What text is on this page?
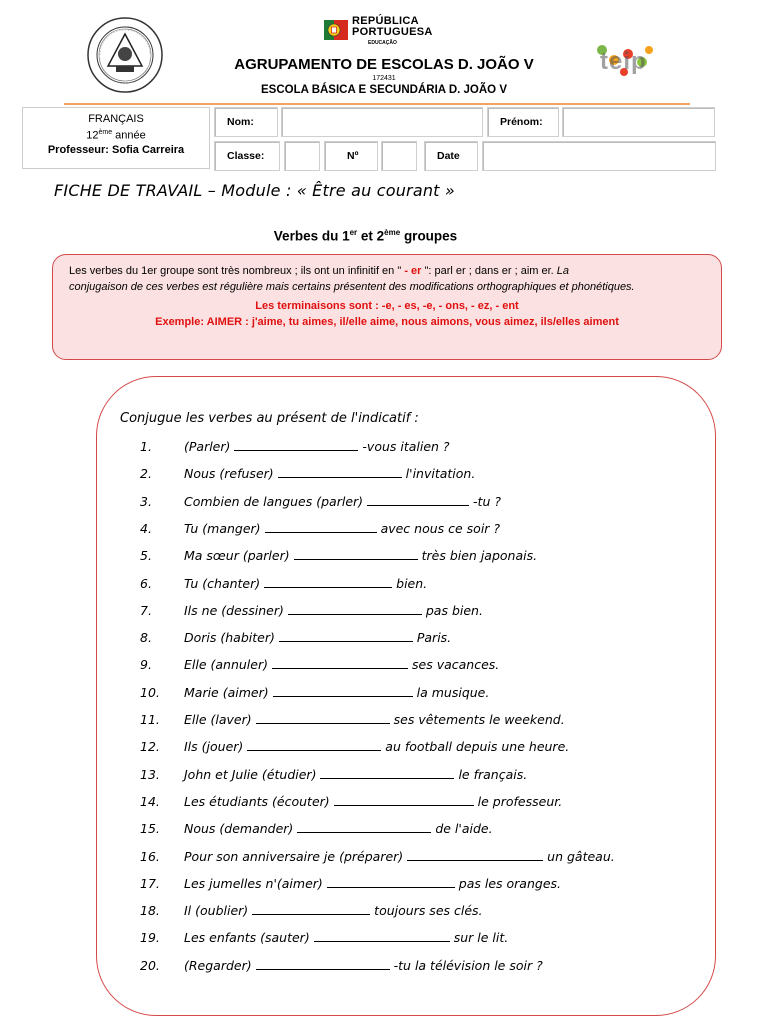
REPÚBLICA
PORTUGUESA
EDUCAÇÃO
teip
AGRUPAMENTO DE ESCOLAS D. JOÃO V
172431
ESCOLA BÁSICA E SECUNDÁRIA D. JOÃO V
FRANÇAIS
12ème année
Professeur: Sofia Carreira
Nom:	Prénom:
Classe:	Nº	Date
FICHE DE TRAVAIL – Module : « Être au courant »
Verbes du 1er et 2ème groupes
Les verbes du 1er groupe sont très nombreux ; ils ont un infinitif en " - er ": parl er ; dans er ; aim er. La
conjugaison de ces verbes est régulière mais certains présentent des modifications orthographiques et phonétiques.
Les terminaisons sont : -e, - es, -e, - ons, - ez, - ent
Exemple: AIMER : j'aime, tu aimes, il/elle aime, nous aimons, vous aimez, ils/elles aiment
Conjugue les verbes au présent de l'indicatif :
1.	(Parler)	-vous italien ?
2.	Nous (refuser)	l'invitation.
3.	Combien de langues (parler)	-tu ?
4.	Tu (manger)	avec nous ce soir ?
5.	Ma sœur (parler)	très bien japonais.
6.	Tu (chanter)	bien.
7.	Ils ne (dessiner)	pas bien.
8.	Doris (habiter)	Paris.
9.	Elle (annuler)	ses vacances.
10. Marie (aimer)	la musique.
11. Elle (laver)	ses vêtements le weekend.
12. Ils (jouer)	au football depuis une heure.
13. John et Julie (étudier)	le français.
14. Les étudiants (écouter)	le professeur.
15. Nous (demander)	de l'aide.
16. Pour son anniversaire je (préparer)	un gâteau.
17. Les jumelles n'(aimer)	pas les oranges.
18. Il (oublier)	toujours ses clés.
19. Les enfants (sauter)	sur le lit.
20. (Regarder)	-tu la télévision le soir ?
